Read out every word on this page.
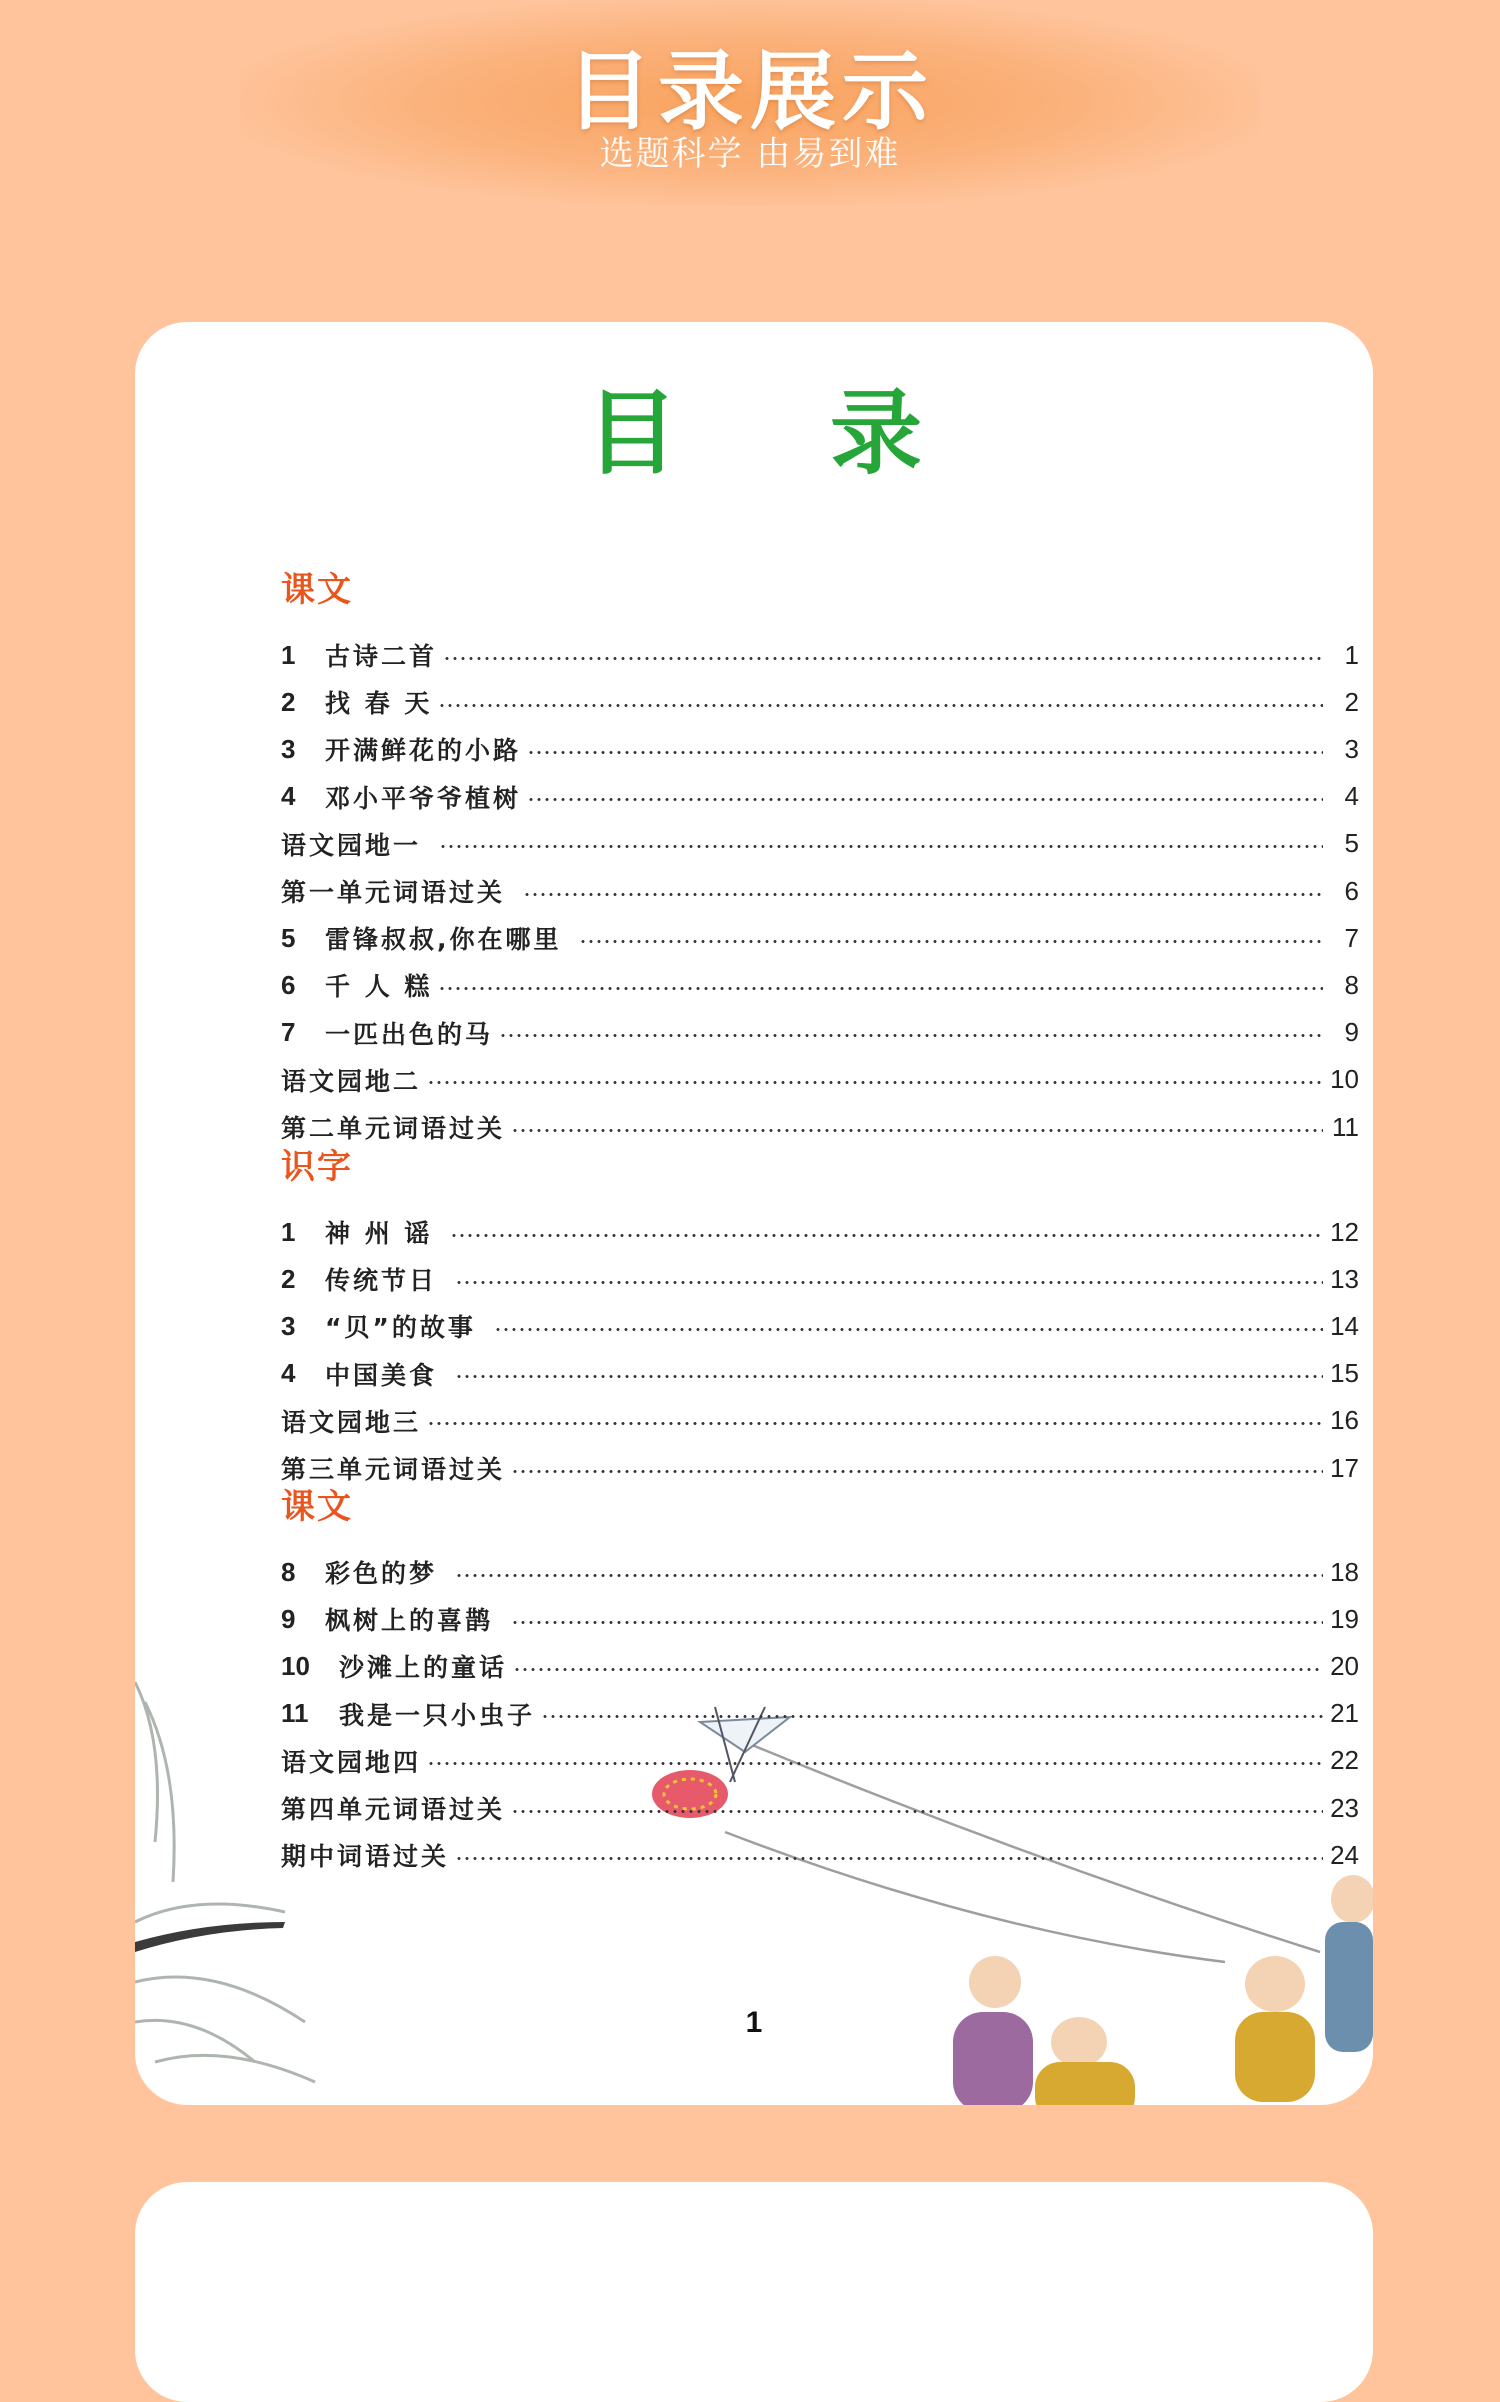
目录展示
选题科学 由易到难
目 录
课文
1	古诗二首	1
2	找 春 天	2
3	开满鲜花的小路	3
4	邓小平爷爷植树	4
语文园地一	5
第一单元词语过关	6
5	雷锋叔叔,你在哪里	7
6	千 人 糕	8
7	一匹出色的马	9
语文园地二	10
第二单元词语过关	11
识字
1	神 州 谣	12
2	传统节日	13
3	“贝”的故事	14
4	中国美食	15
语文园地三	16
第三单元词语过关	17
课文
8	彩色的梦	18
9	枫树上的喜鹊	19
10	沙滩上的童话	20
11	我是一只小虫子	21
语文园地四	22
第四单元词语过关	23
期中词语过关	24
1
